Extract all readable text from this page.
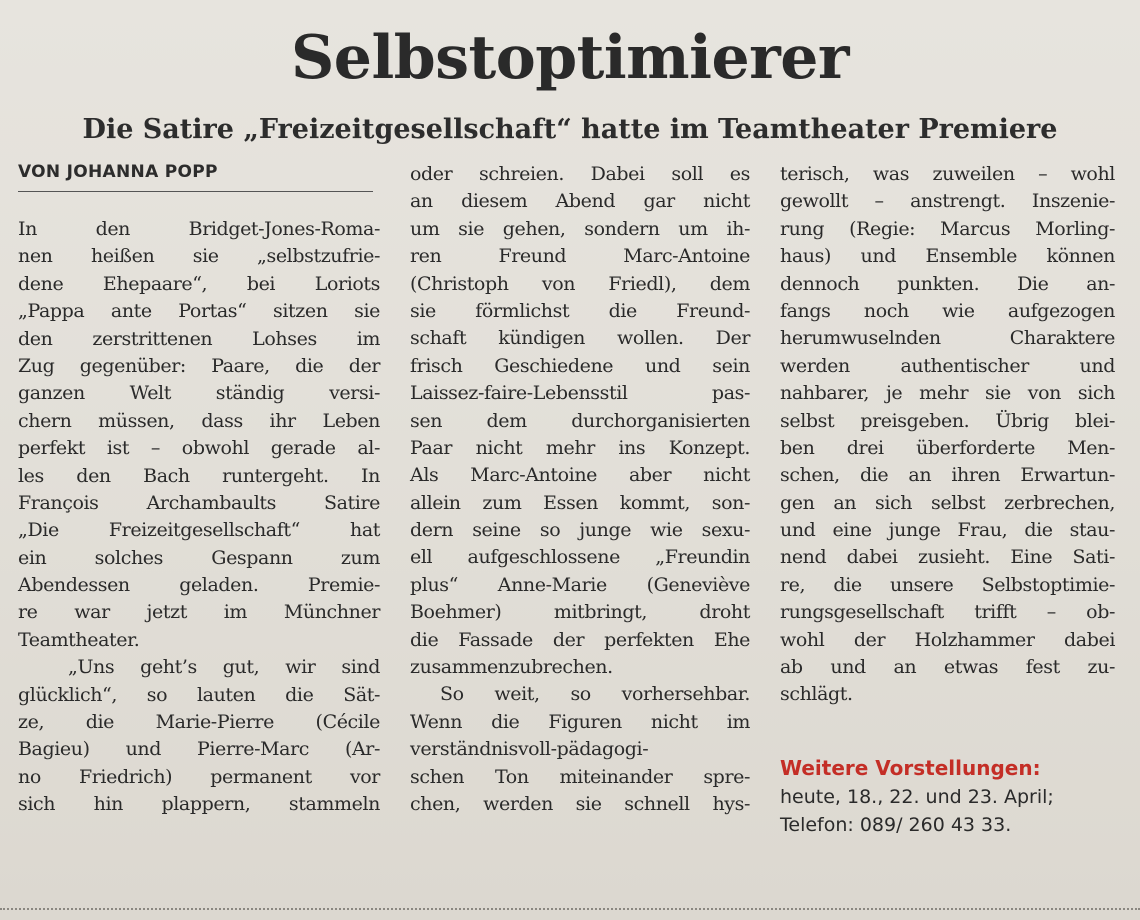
Selbstoptimierer
Die Satire „Freizeitgesellschaft“ hatte im Teamtheater Premiere
VON JOHANNA POPP
In den Bridget-Jones-Roma-
nen heißen sie „selbstzufrie-
dene Ehepaare“, bei Loriots
„Pappa ante Portas“ sitzen sie
den zerstrittenen Lohses im
Zug gegenüber: Paare, die der
ganzen Welt ständig versi-
chern müssen, dass ihr Leben
perfekt ist – obwohl gerade al-
les den Bach runtergeht. In
François Archambaults Satire
„Die Freizeitgesellschaft“ hat
ein solches Gespann zum
Abendessen geladen. Premie-
re war jetzt im Münchner
Teamtheater.
„Uns geht’s gut, wir sind
glücklich“, so lauten die Sät-
ze, die Marie-Pierre (Cécile
Bagieu) und Pierre-Marc (Ar-
no Friedrich) permanent vor
sich hin plappern, stammeln
oder schreien. Dabei soll es
an diesem Abend gar nicht
um sie gehen, sondern um ih-
ren Freund Marc-Antoine
(Christoph von Friedl), dem
sie förmlichst die Freund-
schaft kündigen wollen. Der
frisch Geschiedene und sein
Laissez-faire-Lebensstil pas-
sen dem durchorganisierten
Paar nicht mehr ins Konzept.
Als Marc-Antoine aber nicht
allein zum Essen kommt, son-
dern seine so junge wie sexu-
ell aufgeschlossene „Freundin
plus“ Anne-Marie (Geneviève
Boehmer) mitbringt, droht
die Fassade der perfekten Ehe
zusammenzubrechen.
So weit, so vorhersehbar.
Wenn die Figuren nicht im
verständnisvoll-pädagogi-
schen Ton miteinander spre-
chen, werden sie schnell hys-
terisch, was zuweilen – wohl
gewollt – anstrengt. Inszenie-
rung (Regie: Marcus Morling-
haus) und Ensemble können
dennoch punkten. Die an-
fangs noch wie aufgezogen
herumwuselnden Charaktere
werden authentischer und
nahbarer, je mehr sie von sich
selbst preisgeben. Übrig blei-
ben drei überforderte Men-
schen, die an ihren Erwartun-
gen an sich selbst zerbrechen,
und eine junge Frau, die stau-
nend dabei zusieht. Eine Sati-
re, die unsere Selbstoptimie-
rungsgesellschaft trifft – ob-
wohl der Holzhammer dabei
ab und an etwas fest zu-
schlägt.
Weitere Vorstellungen:
heute, 18., 22. und 23. April;
Telefon: 089/ 260 43 33.
